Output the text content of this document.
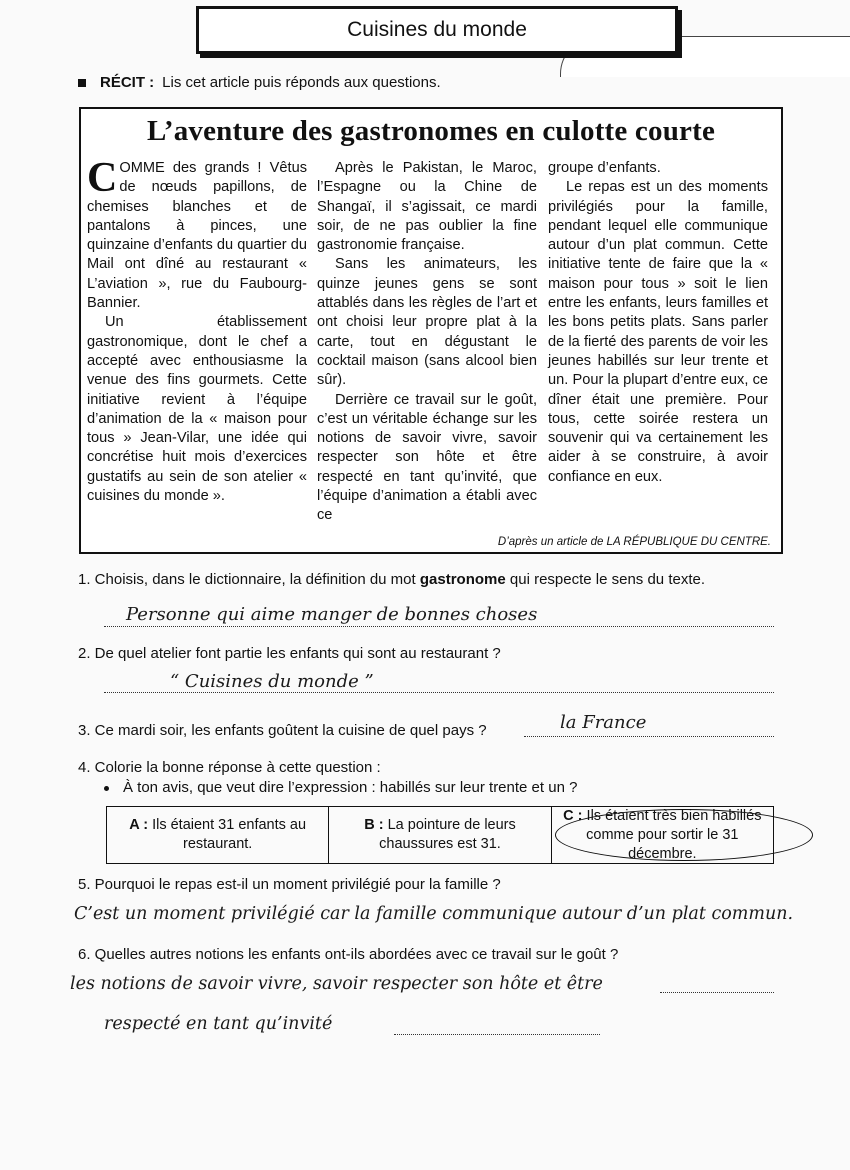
Cuisines du monde
RÉCIT : Lis cet article puis réponds aux questions.
L’aventure des gastronomes en culotte courte

COMME des grands ! Vêtus de nœuds papillons, de chemises blanches et de pantalons à pinces, une quinzaine d’enfants du quartier du Mail ont dîné au restaurant « L’aviation », rue du Faubourg-Bannier.

Un établissement gastronomique, dont le chef a accepté avec enthousiasme la venue des fins gourmets. Cette initiative revient à l’équipe d’animation de la « maison pour tous » Jean-Vilar, une idée qui concrétise huit mois d’exercices gustatifs au sein de son atelier « cuisines du monde ».

Après le Pakistan, le Maroc, l’Espagne ou la Chine de Shangaï, il s’agissait, ce mardi soir, de ne pas oublier la fine gastronomie française.

Sans les animateurs, les quinze jeunes gens se sont attablés dans les règles de l’art et ont choisi leur propre plat à la carte, tout en dégustant le cocktail maison (sans alcool bien sûr).

Derrière ce travail sur le goût, c’est un véritable échange sur les notions de savoir vivre, savoir respecter son hôte et être respecté en tant qu’invité, que l’équipe d’animation a établi avec ce

groupe d’enfants.

Le repas est un des moments privilégiés pour la famille, pendant lequel elle communique autour d’un plat commun. Cette initiative tente de faire que la « maison pour tous » soit le lien entre les enfants, leurs familles et les bons petits plats. Sans parler de la fierté des parents de voir les jeunes habillés sur leur trente et un. Pour la plupart d’entre eux, ce dîner était une première. Pour tous, cette soirée restera un souvenir qui va certainement les aider à se construire, à avoir confiance en eux.

D’après un article de LA RÉPUBLIQUE DU CENTRE.
1. Choisis, dans le dictionnaire, la définition du mot gastronome qui respecte le sens du texte.
Personne qui aime manger de bonnes choses
2. De quel atelier font partie les enfants qui sont au restaurant ?
“ Cuisines du monde ”
3. Ce mardi soir, les enfants goûtent la cuisine de quel pays ?	la France
4. Colorie la bonne réponse à cette question :
À ton avis, que veut dire l’expression : habillés sur leur trente et un ?
A : Ils étaient 31 enfants au restaurant.
B : La pointure de leurs chaussures est 31.
C : Ils étaient très bien habillés comme pour sortir le 31 décembre.
5. Pourquoi le repas est-il un moment privilégié pour la famille ?
C’est un moment privilégié car la famille communique autour d’un plat commun.
6. Quelles autres notions les enfants ont-ils abordées avec ce travail sur le goût ?
les notions de savoir vivre, savoir respecter son hôte et être
respecté en tant qu’invité
